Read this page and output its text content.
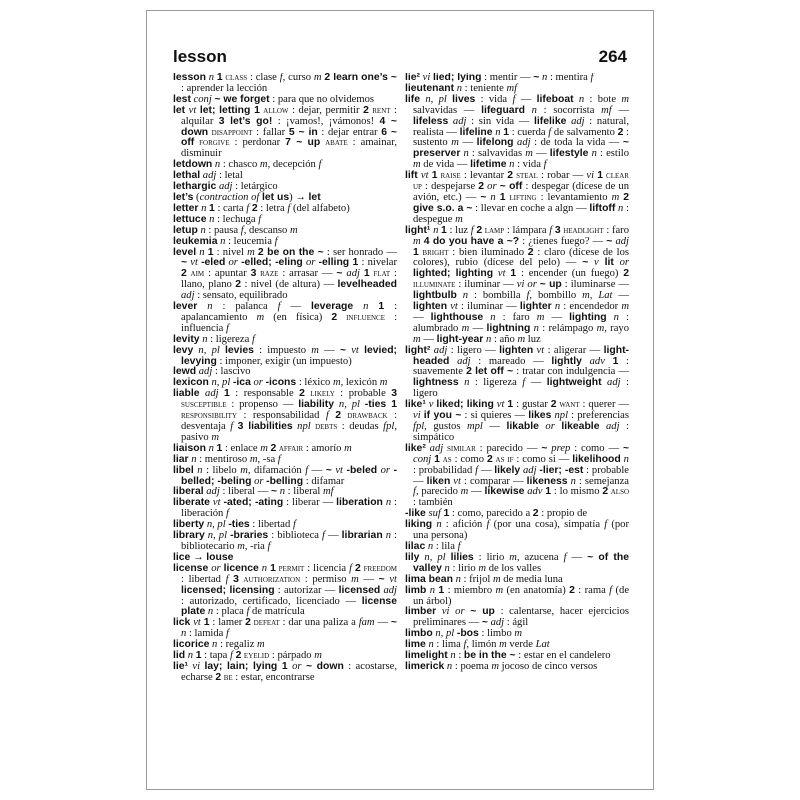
lesson	264

lesson n 1 class : clase f, curso m 2 learn one’s ~ : aprender la lección

lest conj ~ we forget : para que no olvidemos

let vt let; letting 1 allow : dejar, permitir 2 rent : alquilar 3 let’s go! : ¡vamos!, ¡vámonos! 4 ~ down disappoint : fallar 5 ~ in : dejar entrar 6 ~ off forgive : perdonar 7 ~ up abate : amainar, disminuir

letdown n : chasco m, decepción f

lethal adj : letal

lethargic adj : letárgico

let’s (contraction of let us) → let

letter n 1 : carta f 2 : letra f (del alfabeto)

lettuce n : lechuga f

letup n : pausa f, descanso m

leukemia n : leucemia f

level n 1 : nivel m 2 be on the ~ : ser honrado — ~ vt -eled or -elled; -eling or -elling 1 : nivelar 2 aim : apuntar 3 raze : arrasar — ~ adj 1 flat : llano, plano 2 : nivel (de altura) — levelheaded adj : sensato, equilibrado

lever n : palanca f — leverage n 1 : apalancamiento m (en física) 2 influence : influencia f

levity n : ligereza f

levy n, pl levies : impuesto m — ~ vt levied; levying : imponer, exigir (un impuesto)

lewd adj : lascivo

lexicon n, pl -ica or -icons : léxico m, lexicón m

liable adj 1 : responsable 2 likely : probable 3 susceptible : propenso — liability n, pl -ties 1 responsibility : responsabilidad f 2 drawback : desventaja f 3 liabilities npl debts : deudas fpl, pasivo m

liaison n 1 : enlace m 2 affair : amorío m

liar n : mentiroso m, -sa f

libel n : libelo m, difamación f — ~ vt -beled or -belled; -beling or -belling : difamar

liberal adj : liberal — ~ n : liberal mf

liberate vt -ated; -ating : liberar — liberation n : liberación f

liberty n, pl -ties : libertad f

library n, pl -braries : biblioteca f — librarian n : bibliotecario m, -ria f

lice → louse

license or licence n 1 permit : licencia f 2 freedom : libertad f 3 authorization : permiso m — ~ vt licensed; licensing : autorizar — licensed adj : autorizado, certificado, licenciado — license plate n : placa f de matrícula

lick vt 1 : lamer 2 defeat : dar una paliza a fam — ~ n : lamida f

licorice n : regaliz m

lid n 1 : tapa f 2 eyelid : párpado m

lie¹ vi lay; lain; lying 1 or ~ down : acostarse, echarse 2 be : estar, encontrarse

lie² vi lied; lying : mentir — ~ n : mentira f

lieutenant n : teniente mf

life n, pl lives : vida f — lifeboat n : bote m salvavidas — lifeguard n : socorrista mf — lifeless adj : sin vida — lifelike adj : natural, realista — lifeline n 1 : cuerda f de salvamento 2 : sustento m — lifelong adj : de toda la vida — ~ preserver n : salvavidas m — lifestyle n : estilo m de vida — lifetime n : vida f

lift vt 1 raise : levantar 2 steal : robar — vi 1 clear up : despejarse 2 or ~ off : despegar (dícese de un avión, etc.) — ~ n 1 lifting : levantamiento m 2 give s.o. a ~ : llevar en coche a algn — liftoff n : despegue m

light¹ n 1 : luz f 2 lamp : lámpara f 3 headlight : faro m 4 do you have a ~? : ¿tienes fuego? — ~ adj 1 bright : bien iluminado 2 : claro (dícese de los colores), rubio (dícese del pelo) — ~ v lit or lighted; lighting vt 1 : encender (un fuego) 2 illuminate : iluminar — vi or ~ up : iluminarse — lightbulb n : bombilla f, bombillo m, Lat — lighten vt : iluminar — lighter n : encendedor m — lighthouse n : faro m — lighting n : alumbrado m — lightning n : relámpago m, rayo m — light-year n : año m luz

light² adj : ligero — lighten vt : aligerar — light-headed adj : mareado — lightly adv 1 : suavemente 2 let off ~ : tratar con indulgencia — lightness n : ligereza f — lightweight adj : ligero

like¹ v liked; liking vt 1 : gustar 2 want : querer — vi if you ~ : si quieres — likes npl : preferencias fpl, gustos mpl — likable or likeable adj : simpático

like² adj similar : parecido — ~ prep : como — ~ conj 1 as : como 2 as if : como si — likelihood n : probabilidad f — likely adj -lier; -est : probable — liken vt : comparar — likeness n : semejanza f, parecido m — likewise adv 1 : lo mismo 2 also : también

-like suf 1 : como, parecido a 2 : propio de

liking n : afición f (por una cosa), simpatía f (por una persona)

lilac n : lila f

lily n, pl lilies : lirio m, azucena f — ~ of the valley n : lirio m de los valles

lima bean n : frijol m de media luna

limb n 1 : miembro m (en anatomía) 2 : rama f (de un árbol)

limber vi or ~ up : calentarse, hacer ejercicios preliminares — ~ adj : ágil

limbo n, pl -bos : limbo m

lime n : lima f, limón m verde Lat

limelight n : be in the ~ : estar en el candelero

limerick n : poema m jocoso de cinco versos
